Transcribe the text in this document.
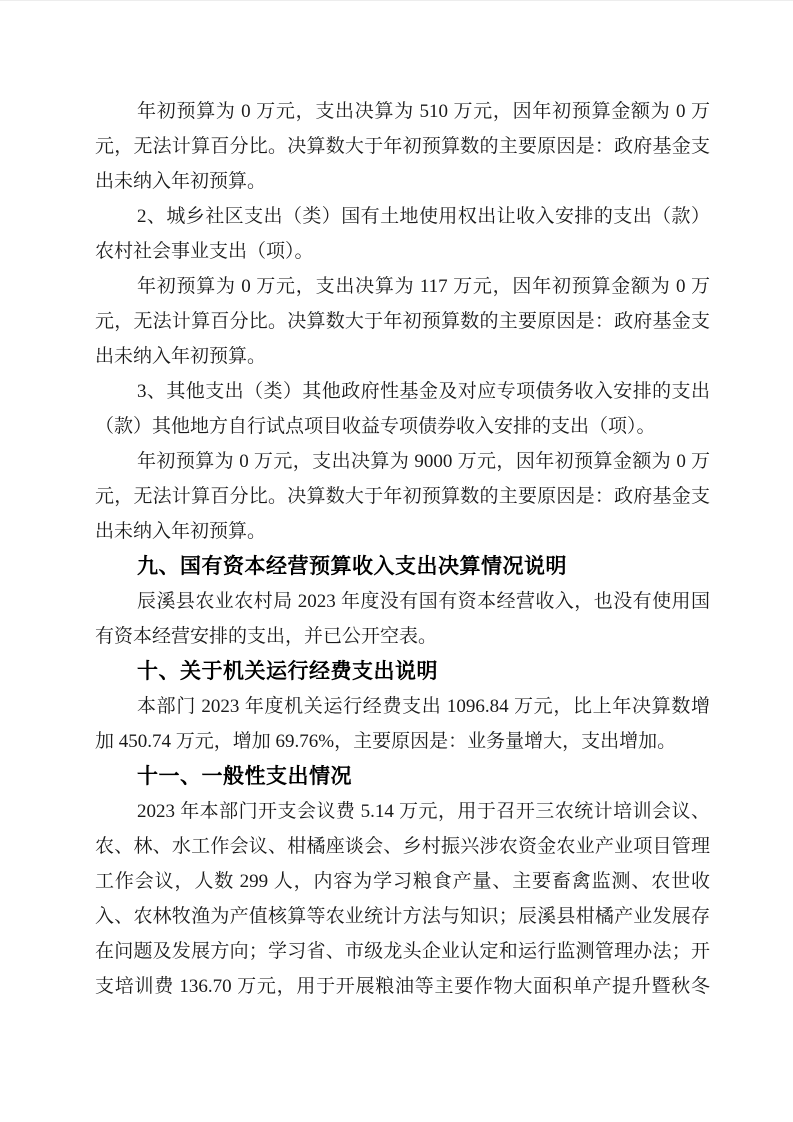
年初预算为 0 万元，支出决算为 510 万元，因年初预算金额为 0 万
元，无法计算百分比。决算数大于年初预算数的主要原因是：政府基金支
出未纳入年初预算。
2、城乡社区支出（类）国有土地使用权出让收入安排的支出（款）
农村社会事业支出（项）。
年初预算为 0 万元，支出决算为 117 万元，因年初预算金额为 0 万
元，无法计算百分比。决算数大于年初预算数的主要原因是：政府基金支
出未纳入年初预算。
3、其他支出（类）其他政府性基金及对应专项债务收入安排的支出
（款）其他地方自行试点项目收益专项债券收入安排的支出（项）。
年初预算为 0 万元，支出决算为 9000 万元，因年初预算金额为 0 万
元，无法计算百分比。决算数大于年初预算数的主要原因是：政府基金支
出未纳入年初预算。
九、国有资本经营预算收入支出决算情况说明
辰溪县农业农村局 2023 年度没有国有资本经营收入，也没有使用国
有资本经营安排的支出，并已公开空表。
十、关于机关运行经费支出说明
本部门 2023 年度机关运行经费支出 1096.84 万元，比上年决算数增
加 450.74 万元，增加 69.76%，主要原因是：业务量增大，支出增加。
十一、一般性支出情况
2023 年本部门开支会议费 5.14 万元，用于召开三农统计培训会议、
农、林、水工作会议、柑橘座谈会、乡村振兴涉农资金农业产业项目管理
工作会议，人数 299 人，内容为学习粮食产量、主要畜禽监测、农世收
入、农林牧渔为产值核算等农业统计方法与知识；辰溪县柑橘产业发展存
在问题及发展方向；学习省、市级龙头企业认定和运行监测管理办法；开
支培训费 136.70 万元，用于开展粮油等主要作物大面积单产提升暨秋冬
